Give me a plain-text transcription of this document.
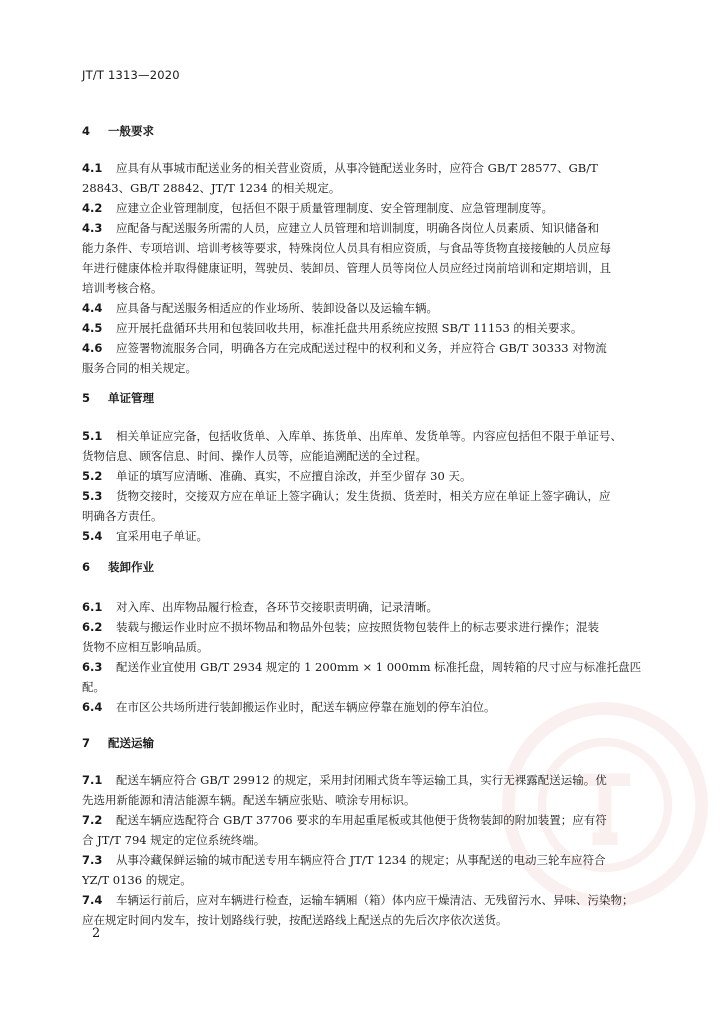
JT/T 1313—2020
4 一般要求
4.1 应具有从事城市配送业务的相关营业资质，从事冷链配送业务时，应符合 GB/T 28577、GB/T
28843、GB/T 28842、JT/T 1234 的相关规定。
4.2 应建立企业管理制度，包括但不限于质量管理制度、安全管理制度、应急管理制度等。
4.3 应配备与配送服务所需的人员，应建立人员管理和培训制度，明确各岗位人员素质、知识储备和
能力条件、专项培训、培训考核等要求，特殊岗位人员具有相应资质，与食品等货物直接接触的人员应每
年进行健康体检并取得健康证明，驾驶员、装卸员、管理人员等岗位人员应经过岗前培训和定期培训，且
培训考核合格。
4.4 应具备与配送服务相适应的作业场所、装卸设备以及运输车辆。
4.5 应开展托盘循环共用和包装回收共用，标准托盘共用系统应按照 SB/T 11153 的相关要求。
4.6 应签署物流服务合同，明确各方在完成配送过程中的权利和义务，并应符合 GB/T 30333 对物流
服务合同的相关规定。
5 单证管理
5.1 相关单证应完备，包括收货单、入库单、拣货单、出库单、发货单等。内容应包括但不限于单证号、
货物信息、顾客信息、时间、操作人员等，应能追溯配送的全过程。
5.2 单证的填写应清晰、准确、真实，不应擅自涂改，并至少留存 30 天。
5.3 货物交接时，交接双方应在单证上签字确认；发生货损、货差时，相关方应在单证上签字确认，应
明确各方责任。
5.4 宜采用电子单证。
6 装卸作业
6.1 对入库、出库物品履行检查，各环节交接职责明确，记录清晰。
6.2 装载与搬运作业时应不损坏物品和物品外包装；应按照货物包装件上的标志要求进行操作；混装
货物不应相互影响品质。
6.3 配送作业宜使用 GB/T 2934 规定的 1 200mm × 1 000mm 标准托盘，周转箱的尺寸应与标准托盘匹
配。
6.4 在市区公共场所进行装卸搬运作业时，配送车辆应停靠在施划的停车泊位。
7 配送运输
7.1 配送车辆应符合 GB/T 29912 的规定，采用封闭厢式货车等运输工具，实行无裸露配送运输。优
先选用新能源和清洁能源车辆。配送车辆应张贴、喷涂专用标识。
7.2 配送车辆应选配符合 GB/T 37706 要求的车用起重尾板或其他便于货物装卸的附加装置；应有符
合 JT/T 794 规定的定位系统终端。
7.3 从事冷藏保鲜运输的城市配送专用车辆应符合 JT/T 1234 的规定；从事配送的电动三轮车应符合
YZ/T 0136 的规定。
7.4 车辆运行前后，应对车辆进行检查，运输车辆厢（箱）体内应干燥清洁、无残留污水、异味、污染物；
应在规定时间内发车，按计划路线行驶，按配送路线上配送点的先后次序依次送货。
2
